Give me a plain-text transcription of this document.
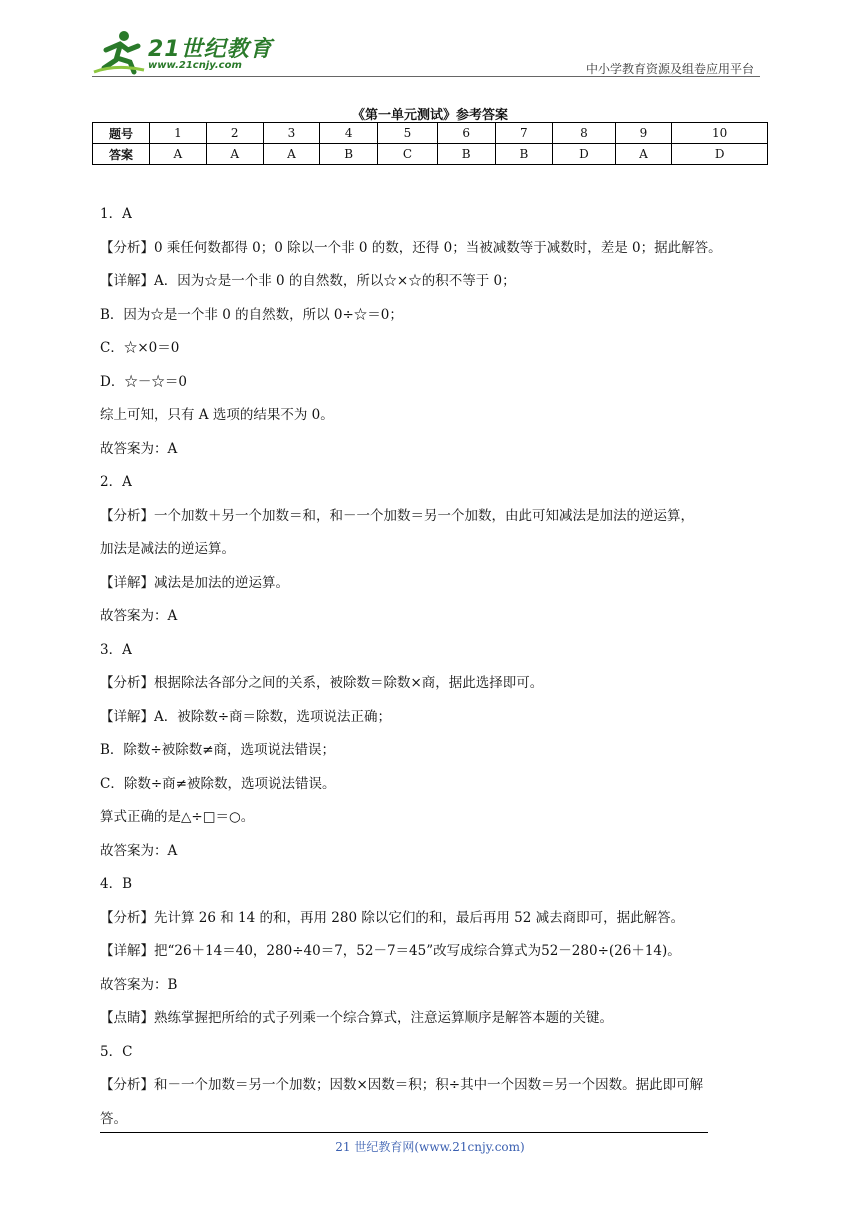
21世纪教育
www.21cnjy.com	中小学教育资源及组卷应用平台
《第一单元测试》参考答案
题号	1	2	3	4	5	6	7	8	9	10
答案	A	A	A	B	C	B	B	D	A	D
1．A
【分析】0 乘任何数都得 0；0 除以一个非 0 的数，还得 0；当被减数等于减数时，差是 0；据此解答。
【详解】A．因为☆是一个非 0 的自然数，所以☆×☆的积不等于 0；
B．因为☆是一个非 0 的自然数，所以 0÷☆＝0；
C．☆×0＝0
D．☆－☆＝0
综上可知，只有 A 选项的结果不为 0。
故答案为：A
2．A
【分析】一个加数＋另一个加数＝和，和－一个加数＝另一个加数，由此可知减法是加法的逆运算，
加法是减法的逆运算。
【详解】减法是加法的逆运算。
故答案为：A
3．A
【分析】根据除法各部分之间的关系，被除数＝除数×商，据此选择即可。
【详解】A．被除数÷商＝除数，选项说法正确；
B．除数÷被除数≠商，选项说法错误；
C．除数÷商≠被除数，选项说法错误。
算式正确的是△÷□＝○。
故答案为：A
4．B
【分析】先计算 26 和 14 的和，再用 280 除以它们的和，最后再用 52 减去商即可，据此解答。
【详解】把“26＋14＝40，280÷40＝7，52－7＝45”改写成综合算式为52－280÷(26＋14)。
故答案为：B
【点睛】熟练掌握把所给的式子列乘一个综合算式，注意运算顺序是解答本题的关键。
5．C
【分析】和－一个加数＝另一个加数；因数×因数＝积；积÷其中一个因数＝另一个因数。据此即可解
答。
21 世纪教育网(www.21cnjy.com)
